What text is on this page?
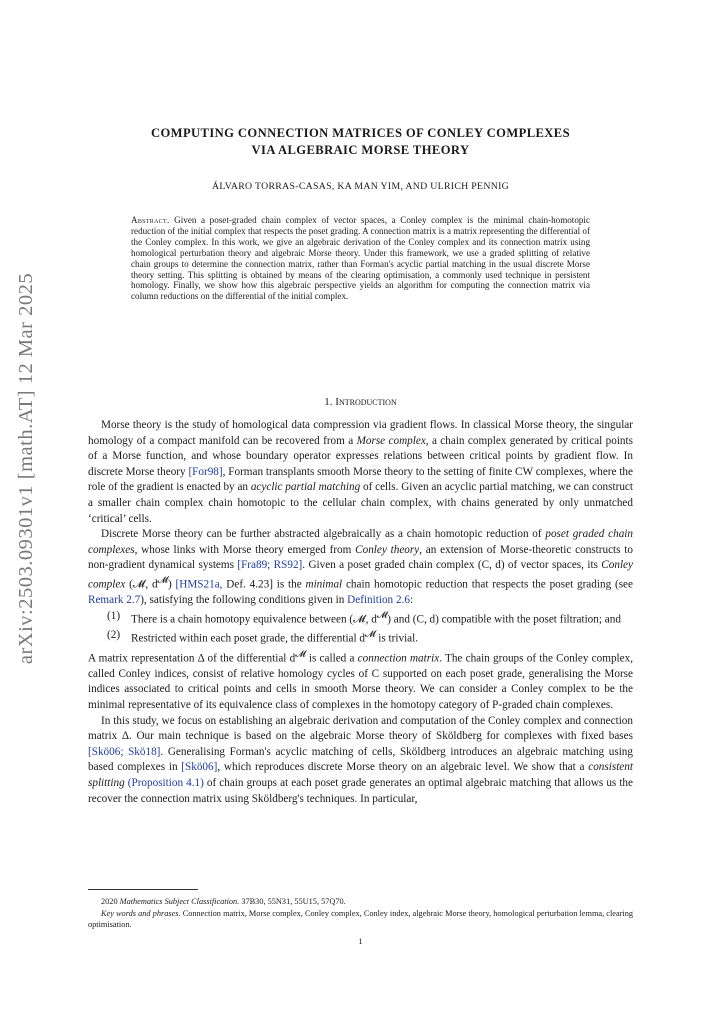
arXiv:2503.09301v1 [math.AT] 12 Mar 2025
COMPUTING CONNECTION MATRICES OF CONLEY COMPLEXES
VIA ALGEBRAIC MORSE THEORY
ÁLVARO TORRAS-CASAS, KA MAN YIM, AND ULRICH PENNIG
Abstract. Given a poset-graded chain complex of vector spaces, a Conley complex is the minimal chain-homotopic reduction of the initial complex that respects the poset grading. A connection matrix is a matrix representing the differential of the Conley complex. In this work, we give an algebraic derivation of the Conley complex and its connection matrix using homological perturbation theory and algebraic Morse theory. Under this framework, we use a graded splitting of relative chain groups to determine the connection matrix, rather than Forman's acyclic partial matching in the usual discrete Morse theory setting. This splitting is obtained by means of the clearing optimisation, a commonly used technique in persistent homology. Finally, we show how this algebraic perspective yields an algorithm for computing the connection matrix via column reductions on the differential of the initial complex.
1. Introduction

Morse theory is the study of homological data compression via gradient flows. In classical Morse theory, the singular homology of a compact manifold can be recovered from a Morse complex, a chain complex generated by critical points of a Morse function, and whose boundary operator expresses relations between critical points by gradient flow. In discrete Morse theory [For98], Forman transplants smooth Morse theory to the setting of finite CW complexes, where the role of the gradient is enacted by an acyclic partial matching of cells. Given an acyclic partial matching, we can construct a smaller chain complex chain homotopic to the cellular chain complex, with chains generated by only unmatched ‘critical’ cells.

Discrete Morse theory can be further abstracted algebraically as a chain homotopic reduction of poset graded chain complexes, whose links with Morse theory emerged from Conley theory, an extension of Morse-theoretic constructs to non-gradient dynamical systems [Fra89; RS92]. Given a poset graded chain complex (C, d) of vector spaces, its Conley complex (𝓜, $d^𝓜$) [HMS21a, Def. 4.23] is the minimal chain homotopic reduction that respects the poset grading (see Remark 2.7), satisfying the following conditions given in Definition 2.6:

(1) There is a chain homotopy equivalence between (𝓜, $d^𝓜$) and (C, d) compatible with the poset filtration; and
(2) Restricted within each poset grade, the differential $d^𝓜$ is trivial.

A matrix representation Δ of the differential $d^𝓜$ is called a connection matrix. The chain groups of the Conley complex, called Conley indices, consist of relative homology cycles of C supported on each poset grade, generalising the Morse indices associated to critical points and cells in smooth Morse theory. We can consider a Conley complex to be the minimal representative of its equivalence class of complexes in the homotopy category of P-graded chain complexes.

In this study, we focus on establishing an algebraic derivation and computation of the Conley complex and connection matrix Δ. Our main technique is based on the algebraic Morse theory of Sköldberg for complexes with fixed bases [Skö06; Skö18]. Generalising Forman's acyclic matching of cells, Sköldberg introduces an algebraic matching using based complexes in [Skö06], which reproduces discrete Morse theory on an algebraic level. We show that a consistent splitting (Proposition 4.1) of chain groups at each poset grade generates an optimal algebraic matching that allows us the recover the connection matrix using Sköldberg's techniques. In particular,

2020 Mathematics Subject Classification. 37B30, 55N31, 55U15, 57Q70.

Key words and phrases. Connection matrix, Morse complex, Conley complex, Conley index, algebraic Morse theory, homological perturbation lemma, clearing optimisation.

1
